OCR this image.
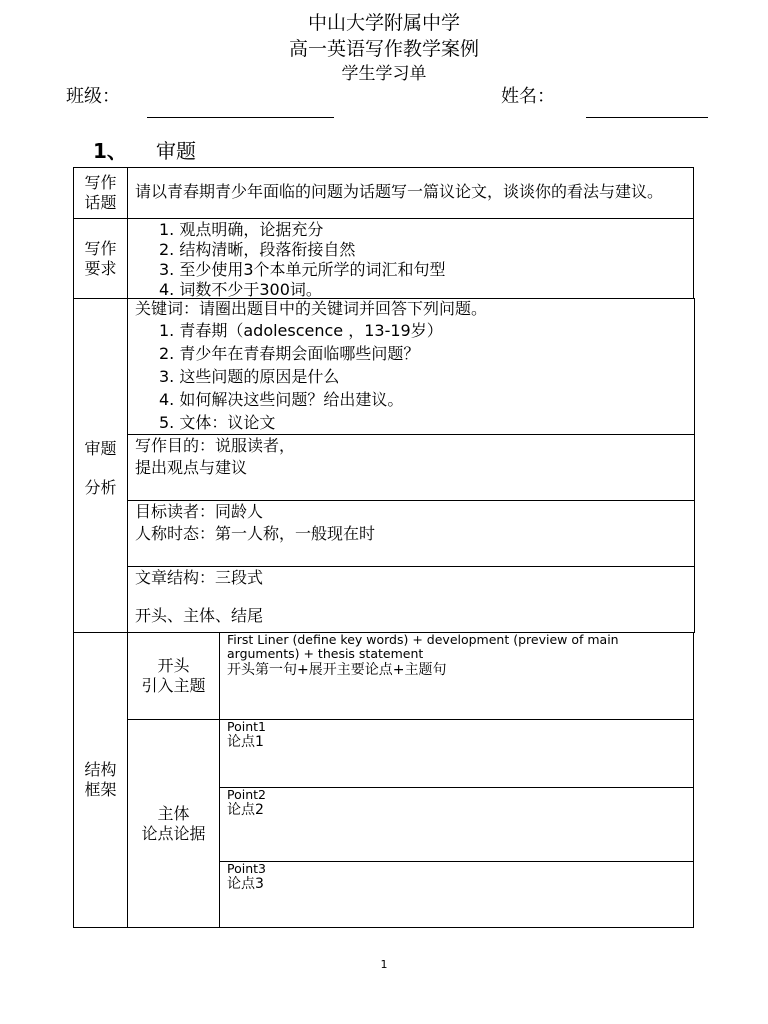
中山大学附属中学
高一英语写作教学案例
学生学习单
班级：	姓名：
1、 审题
写作话题
请以青春期青少年面临的问题为话题写一篇议论文，谈谈你的看法与建议。
写作要求
1. 观点明确，论据充分
2. 结构清晰，段落衔接自然
3. 至少使用3个本单元所学的词汇和句型
4. 词数不少于300词。
审题
分析
关键词：请圈出题目中的关键词并回答下列问题。
1. 青春期（adolescence ，13-19岁）
2. 青少年在青春期会面临哪些问题？
3. 这些问题的原因是什么
4. 如何解决这些问题？给出建议。
5. 文体：议论文
写作目的：说服读者，
提出观点与建议
目标读者：同龄人
人称时态：第一人称，一般现在时
文章结构：三段式
开头、主体、结尾
结构框架
开头
引入主题
First Liner (define key words) + development (preview of main arguments) + thesis statement
开头第一句+展开主要论点+主题句
主体
论点论据
Point1
论点1
Point2
论点2
Point3
论点3
1
